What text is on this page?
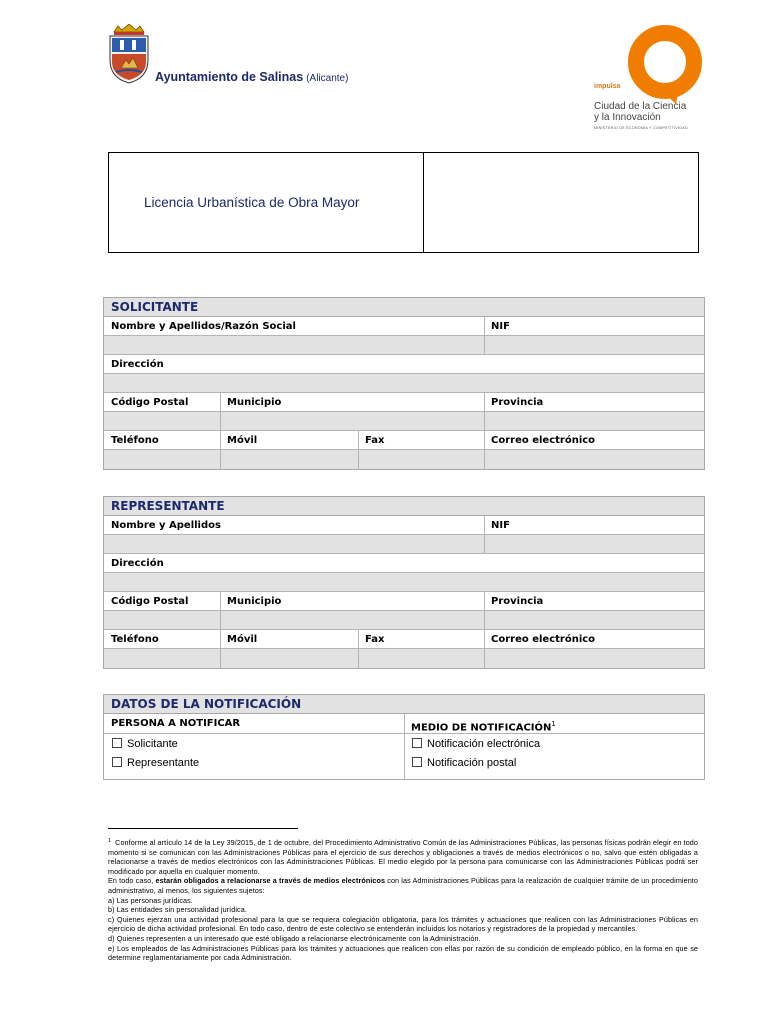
Ayuntamiento de Salinas (Alicante)
impulsa
Ciudad de la Ciencia
y la Innovación
MINISTERIO DE ECONOMÍA Y COMPETITIVIDAD
Licencia Urbanística de Obra Mayor
SOLICITANTE
Nombre y Apellidos/Razón Social	NIF
Dirección
Código Postal	Municipio	Provincia
Teléfono	Móvil	Fax	Correo electrónico
REPRESENTANTE
Nombre y Apellidos	NIF
Dirección
Código Postal	Municipio	Provincia
Teléfono	Móvil	Fax	Correo electrónico
DATOS DE LA NOTIFICACIÓN
PERSONA A NOTIFICAR	MEDIO DE NOTIFICACIÓN$^1$
Solicitante
Representante
Notificación electrónica
Notificación postal

$^1$ Conforme al artículo 14 de la Ley 39/2015, de 1 de octubre, del Procedimiento Administrativo Común de las Administraciones Públicas, las personas físicas podrán elegir en todo momento si se comunican con las Administraciones Públicas para el ejercicio de sus derechos y obligaciones a través de medios electrónicos o no, salvo que estén obligadas a relacionarse a través de medios electrónicos con las Administraciones Públicas. El medio elegido por la persona para comunicarse con las Administraciones Públicas podrá ser modificado por aquella en cualquier momento.

En todo caso, estarán obligados a relacionarse a través de medios electrónicos con las Administraciones Públicas para la realización de cualquier trámite de un procedimiento administrativo, al menos, los siguientes sujetos:

a) Las personas jurídicas.

b) Las entidades sin personalidad jurídica.

c) Quienes ejerzan una actividad profesional para la que se requiera colegiación obligatoria, para los trámites y actuaciones que realicen con las Administraciones Públicas en ejercicio de dicha actividad profesional. En todo caso, dentro de este colectivo se entenderán incluidos los notarios y registradores de la propiedad y mercantiles.

d) Quienes representen a un interesado que esté obligado a relacionarse electrónicamente con la Administración.

e) Los empleados de las Administraciones Públicas para los trámites y actuaciones que realicen con ellas por razón de su condición de empleado público, en la forma en que se determine reglamentariamente por cada Administración.
